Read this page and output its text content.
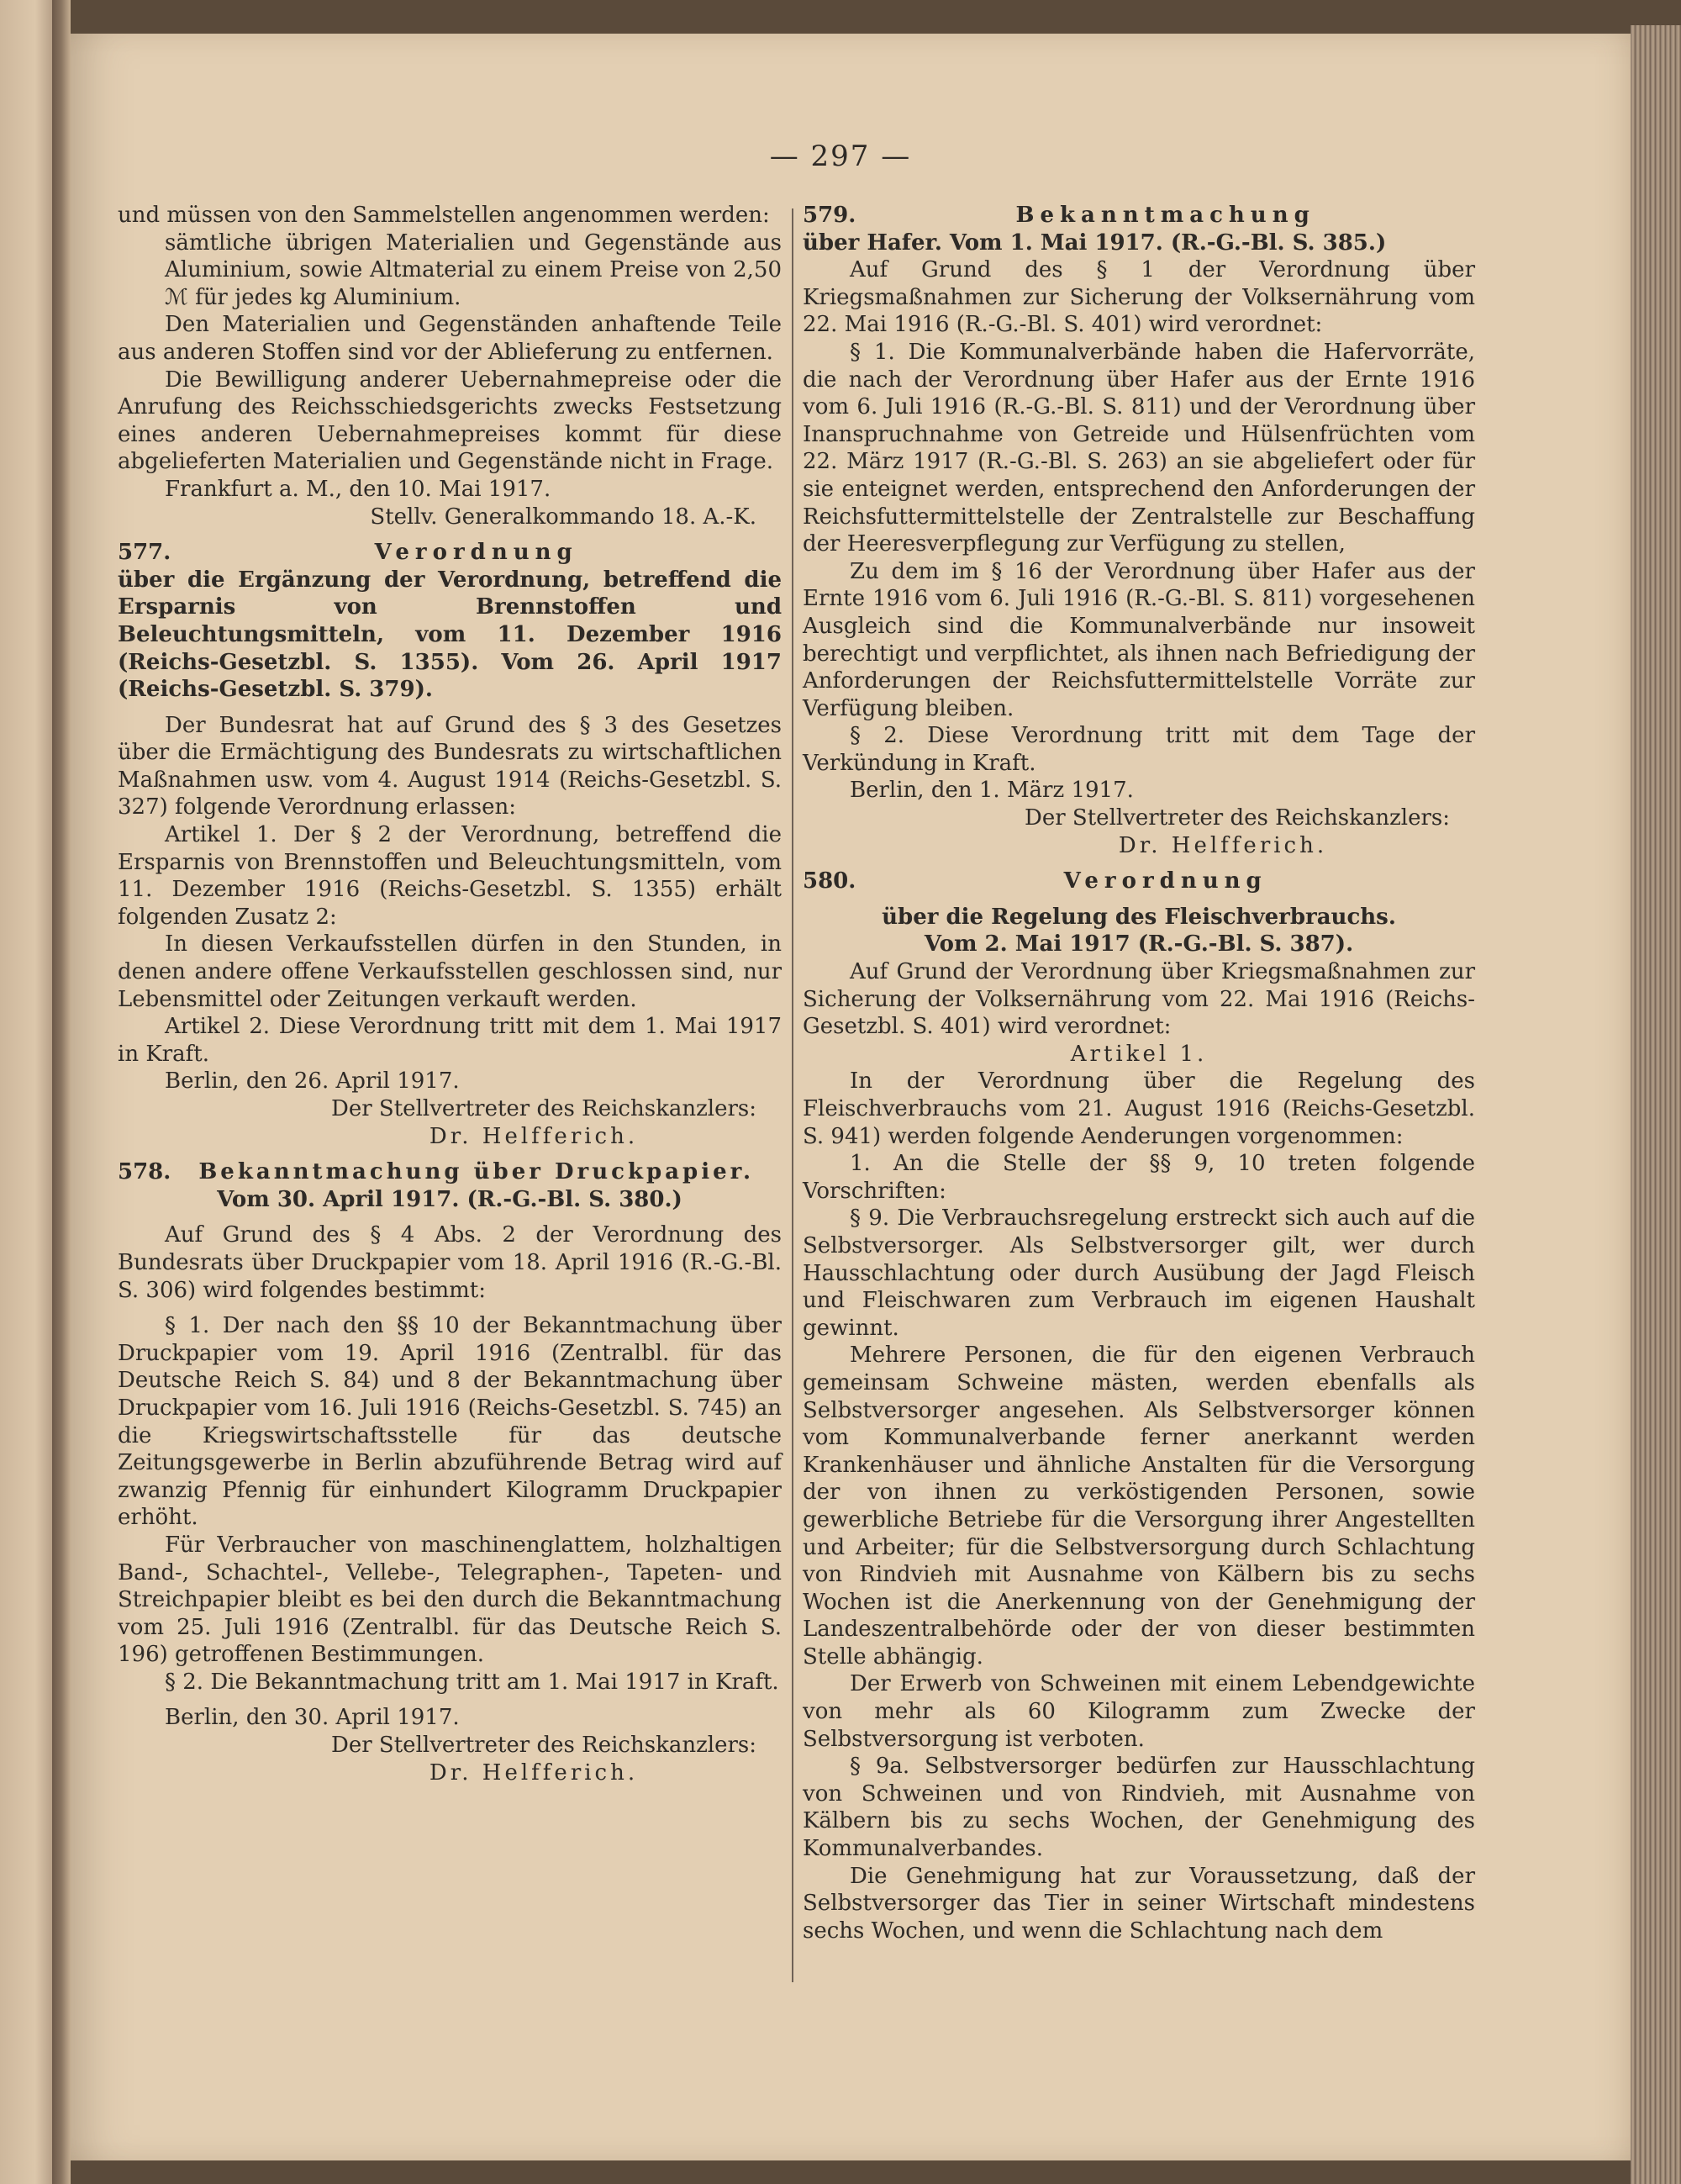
— 297 —

und müssen von den Sammelstellen angenommen werden:

sämtliche übrigen Materialien und Gegenstände aus Aluminium, sowie Altmaterial zu einem Preise von 2,50 ℳ für jedes kg Aluminium.

Den Materialien und Gegenständen anhaftende Teile aus anderen Stoffen sind vor der Ablieferung zu entfernen.

Die Bewilligung anderer Uebernahmepreise oder die Anrufung des Reichsschiedsgerichts zwecks Festsetzung eines anderen Uebernahmepreises kommt für diese abgelieferten Materialien und Gegenstände nicht in Frage.

Frankfurt a. M., den 10. Mai 1917.

Stellv. Generalkommando 18. A.-K.

577.	Verordnung

über die Ergänzung der Verordnung, betreffend die Ersparnis von Brennstoffen und Beleuchtungsmitteln, vom 11. Dezember 1916 (Reichs-Gesetzbl. S. 1355). Vom 26. April 1917 (Reichs-Gesetzbl. S. 379).

Der Bundesrat hat auf Grund des § 3 des Gesetzes über die Ermächtigung des Bundesrats zu wirtschaftlichen Maßnahmen usw. vom 4. August 1914 (Reichs-Gesetzbl. S. 327) folgende Verordnung erlassen:

Artikel 1. Der § 2 der Verordnung, betreffend die Ersparnis von Brennstoffen und Beleuchtungsmitteln, vom 11. Dezember 1916 (Reichs-Gesetzbl. S. 1355) erhält folgenden Zusatz 2:

In diesen Verkaufsstellen dürfen in den Stunden, in denen andere offene Verkaufsstellen geschlossen sind, nur Lebensmittel oder Zeitungen verkauft werden.

Artikel 2. Diese Verordnung tritt mit dem 1. Mai 1917 in Kraft.

Berlin, den 26. April 1917.

Der Stellvertreter des Reichskanzlers:

Dr. Helfferich.

578.	Bekanntmachung über Druckpapier.

Vom 30. April 1917. (R.-G.-Bl. S. 380.)

Auf Grund des § 4 Abs. 2 der Verordnung des Bundesrats über Druckpapier vom 18. April 1916 (R.-G.-Bl. S. 306) wird folgendes bestimmt:

§ 1. Der nach den §§ 10 der Bekanntmachung über Druckpapier vom 19. April 1916 (Zentralbl. für das Deutsche Reich S. 84) und 8 der Bekanntmachung über Druckpapier vom 16. Juli 1916 (Reichs-Gesetzbl. S. 745) an die Kriegswirtschaftsstelle für das deutsche Zeitungsgewerbe in Berlin abzuführende Betrag wird auf zwanzig Pfennig für einhundert Kilogramm Druckpapier erhöht.

Für Verbraucher von maschinenglattem, holzhaltigen Band-, Schachtel-, Vellebe-, Telegraphen-, Tapeten- und Streichpapier bleibt es bei den durch die Bekanntmachung vom 25. Juli 1916 (Zentralbl. für das Deutsche Reich S. 196) getroffenen Bestimmungen.

§ 2. Die Bekanntmachung tritt am 1. Mai 1917 in Kraft.

Berlin, den 30. April 1917.

Der Stellvertreter des Reichskanzlers:

Dr. Helfferich.

579.	Bekanntmachung

über Hafer. Vom 1. Mai 1917. (R.-G.-Bl. S. 385.)

Auf Grund des § 1 der Verordnung über Kriegsmaßnahmen zur Sicherung der Volksernährung vom 22. Mai 1916 (R.-G.-Bl. S. 401) wird verordnet:

§ 1. Die Kommunalverbände haben die Hafervorräte, die nach der Verordnung über Hafer aus der Ernte 1916 vom 6. Juli 1916 (R.-G.-Bl. S. 811) und der Verordnung über Inanspruchnahme von Getreide und Hülsenfrüchten vom 22. März 1917 (R.-G.-Bl. S. 263) an sie abgeliefert oder für sie enteignet werden, entsprechend den Anforderungen der Reichsfuttermittelstelle der Zentralstelle zur Beschaffung der Heeresverpflegung zur Verfügung zu stellen,

Zu dem im § 16 der Verordnung über Hafer aus der Ernte 1916 vom 6. Juli 1916 (R.-G.-Bl. S. 811) vorgesehenen Ausgleich sind die Kommunalverbände nur insoweit berechtigt und verpflichtet, als ihnen nach Befriedigung der Anforderungen der Reichsfuttermittelstelle Vorräte zur Verfügung bleiben.

§ 2. Diese Verordnung tritt mit dem Tage der Verkündung in Kraft.

Berlin, den 1. März 1917.

Der Stellvertreter des Reichskanzlers:

Dr. Helfferich.

580.	Verordnung

über die Regelung des Fleischverbrauchs.

Vom 2. Mai 1917 (R.-G.-Bl. S. 387).

Auf Grund der Verordnung über Kriegsmaßnahmen zur Sicherung der Volksernährung vom 22. Mai 1916 (Reichs-Gesetzbl. S. 401) wird verordnet:

Artikel 1.

In der Verordnung über die Regelung des Fleischverbrauchs vom 21. August 1916 (Reichs-Gesetzbl. S. 941) werden folgende Aenderungen vorgenommen:

1. An die Stelle der §§ 9, 10 treten folgende Vorschriften:

§ 9. Die Verbrauchsregelung erstreckt sich auch auf die Selbstversorger. Als Selbstversorger gilt, wer durch Hausschlachtung oder durch Ausübung der Jagd Fleisch und Fleischwaren zum Verbrauch im eigenen Haushalt gewinnt.

Mehrere Personen, die für den eigenen Verbrauch gemeinsam Schweine mästen, werden ebenfalls als Selbstversorger angesehen. Als Selbstversorger können vom Kommunalverbande ferner anerkannt werden Krankenhäuser und ähnliche Anstalten für die Versorgung der von ihnen zu verköstigenden Personen, sowie gewerbliche Betriebe für die Versorgung ihrer Angestellten und Arbeiter; für die Selbstversorgung durch Schlachtung von Rindvieh mit Ausnahme von Kälbern bis zu sechs Wochen ist die Anerkennung von der Genehmigung der Landeszentralbehörde oder der von dieser bestimmten Stelle abhängig.

Der Erwerb von Schweinen mit einem Lebendgewichte von mehr als 60 Kilogramm zum Zwecke der Selbstversorgung ist verboten.

§ 9a. Selbstversorger bedürfen zur Hausschlachtung von Schweinen und von Rindvieh, mit Ausnahme von Kälbern bis zu sechs Wochen, der Genehmigung des Kommunalverbandes.

Die Genehmigung hat zur Voraussetzung, daß der Selbstversorger das Tier in seiner Wirtschaft mindestens sechs Wochen, und wenn die Schlachtung nach dem
